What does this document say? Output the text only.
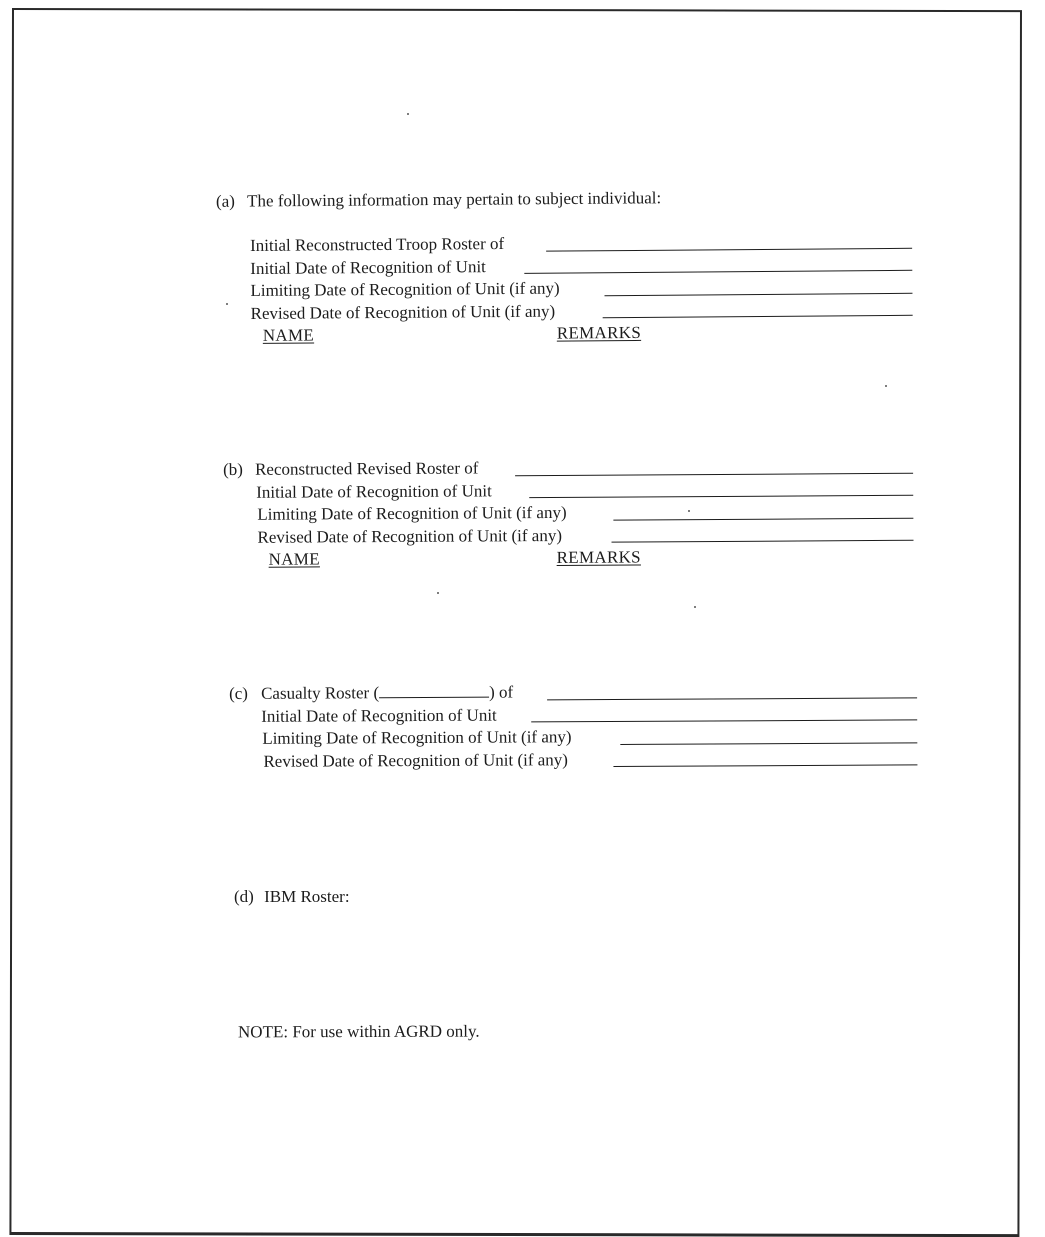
(a) The following information may pertain to subject individual:
Initial Reconstructed Troop Roster of
Initial Date of Recognition of Unit
Limiting Date of Recognition of Unit (if any)
Revised Date of Recognition of Unit (if any)
NAME	REMARKS
(b) Reconstructed Revised Roster of
Initial Date of Recognition of Unit
Limiting Date of Recognition of Unit (if any)
Revised Date of Recognition of Unit (if any)
NAME	REMARKS
(c) Casualty Roster (	) of
Initial Date of Recognition of Unit
Limiting Date of Recognition of Unit (if any)
Revised Date of Recognition of Unit (if any)
(d) IBM Roster:
NOTE: For use within AGRD only.
